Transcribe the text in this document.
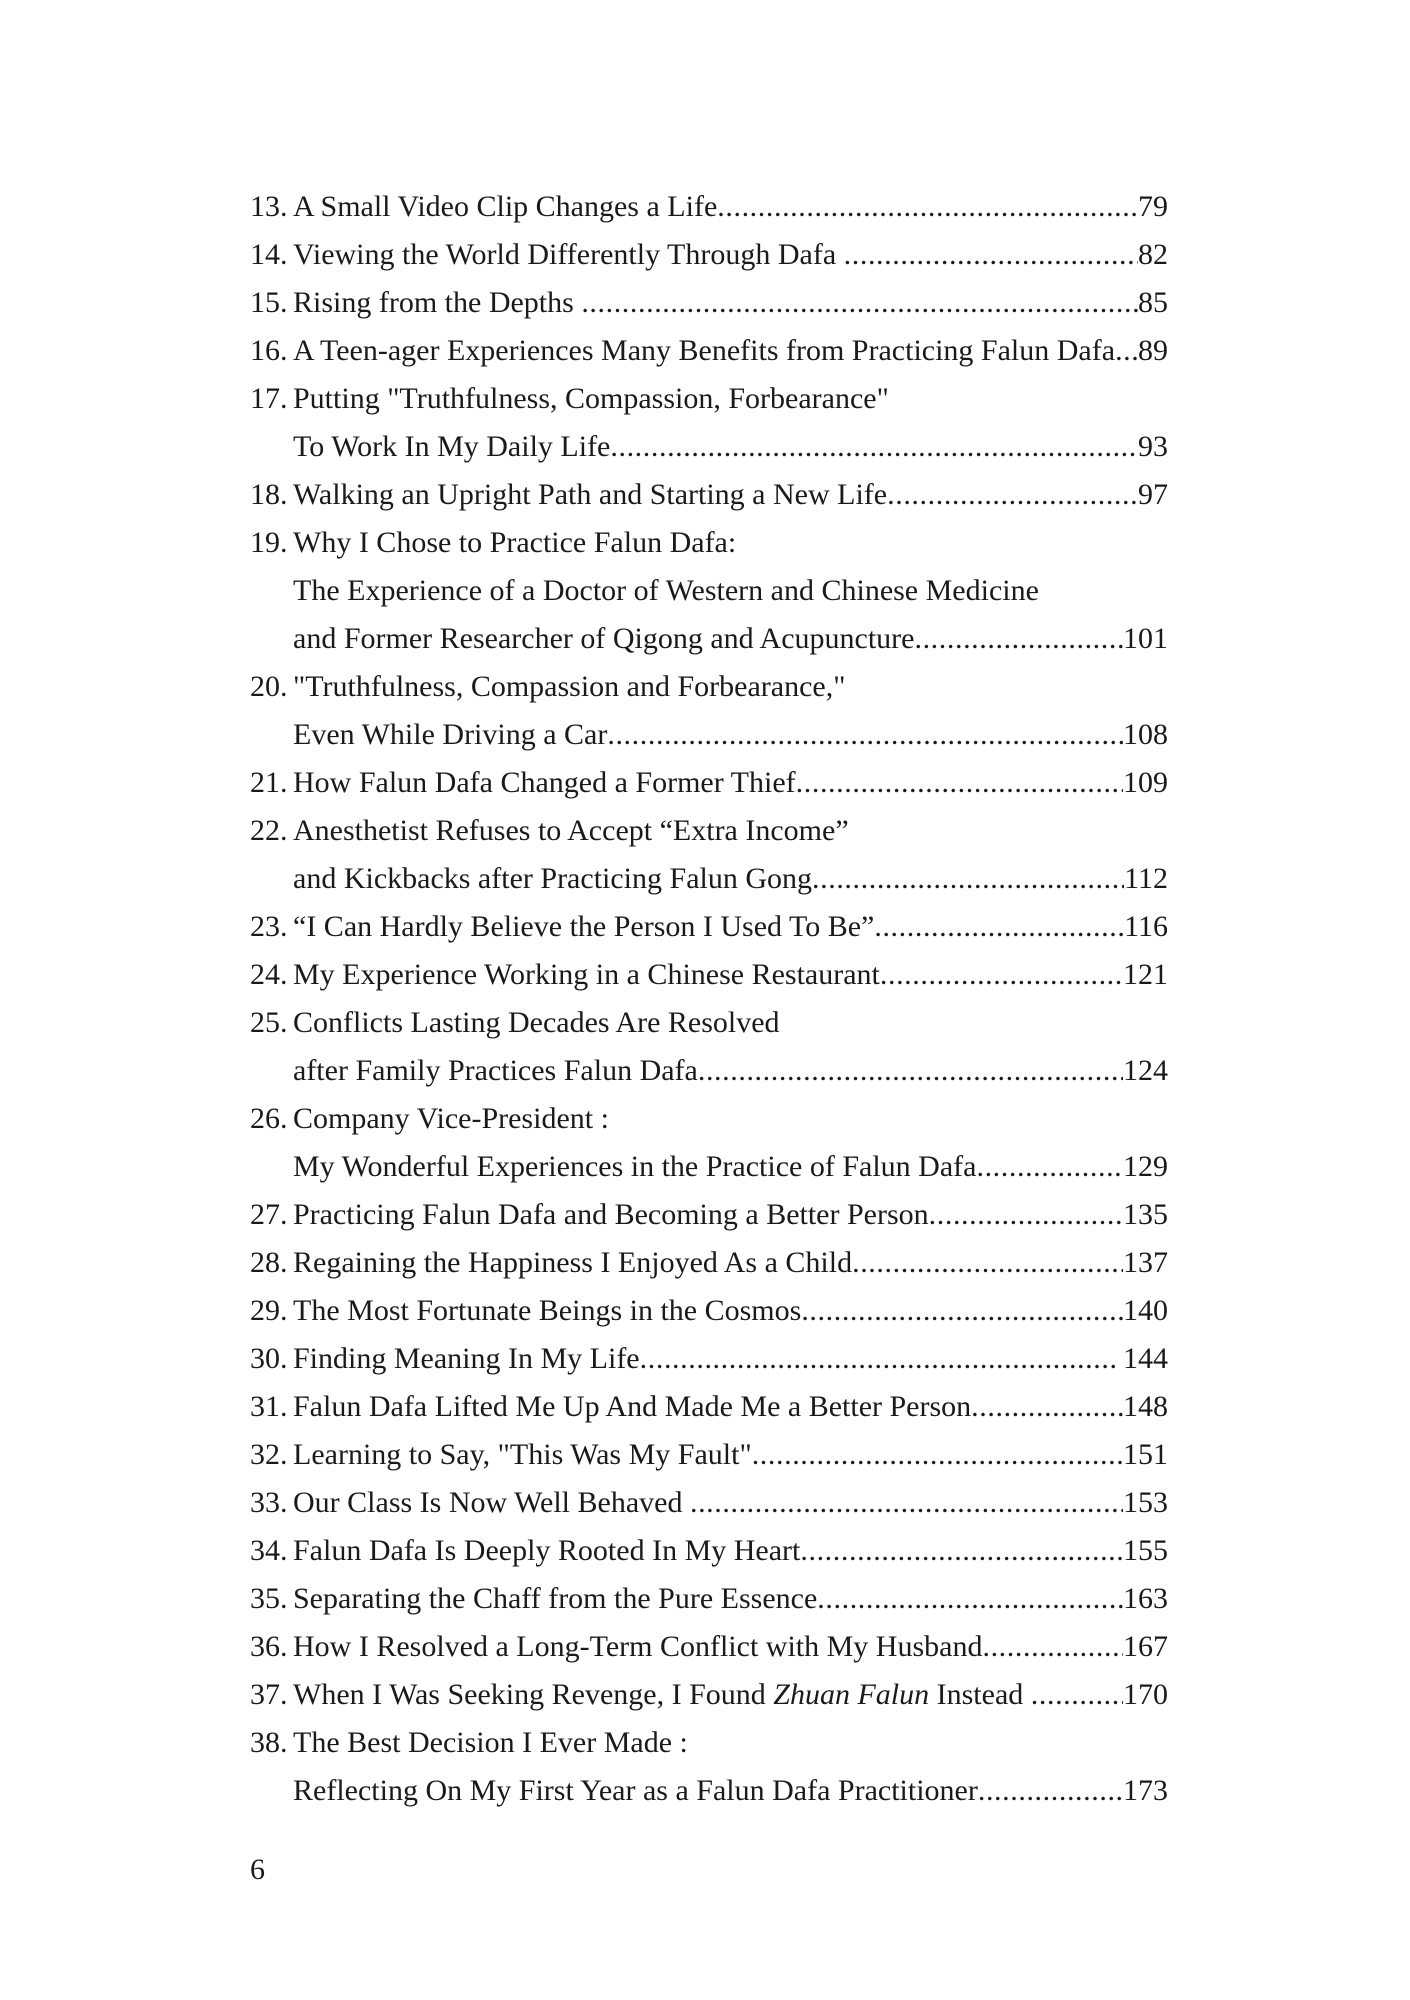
13. A Small Video Clip Changes a Life .....	79
14. Viewing the World Differently Through Dafa .....	82
15. Rising from the Depths .....	85
16. A Teen-ager Experiences Many Benefits from Practicing Falun Dafa ..... 89
17. Putting "Truthfulness, Compassion, Forbearance"
To Work In My Daily Life .....	93
18. Walking an Upright Path and Starting a New Life .....	97
19. Why I Chose to Practice Falun Dafa:
The Experience of a Doctor of Western and Chinese Medicine
and Former Researcher of Qigong and Acupuncture .....	101
20. "Truthfulness, Compassion and Forbearance,"
Even While Driving a Car .....	108
21. How Falun Dafa Changed a Former Thief .....	109
22. Anesthetist Refuses to Accept “Extra Income”
and Kickbacks after Practicing Falun Gong .....	112
23. “I Can Hardly Believe the Person I Used To Be” .....	116
24. My Experience Working in a Chinese Restaurant .....	121
25. Conflicts Lasting Decades Are Resolved
after Family Practices Falun Dafa .....	124
26. Company Vice-President :
My Wonderful Experiences in the Practice of Falun Dafa .....	129
27. Practicing Falun Dafa and Becoming a Better Person .....	135
28. Regaining the Happiness I Enjoyed As a Child .....	137
29. The Most Fortunate Beings in the Cosmos .....	140
30. Finding Meaning In My Life .....	144
31. Falun Dafa Lifted Me Up And Made Me a Better Person .....	148
32. Learning to Say, "This Was My Fault" .....	151
33. Our Class Is Now Well Behaved .....	153
34. Falun Dafa Is Deeply Rooted In My Heart .....	155
35. Separating the Chaff from the Pure Essence .....	163
36. How I Resolved a Long-Term Conflict with My Husband .....	167
37. When I Was Seeking Revenge, I Found Zhuan Falun Instead .....	170
38. The Best Decision I Ever Made :
Reflecting On My First Year as a Falun Dafa Practitioner .....	173
6
